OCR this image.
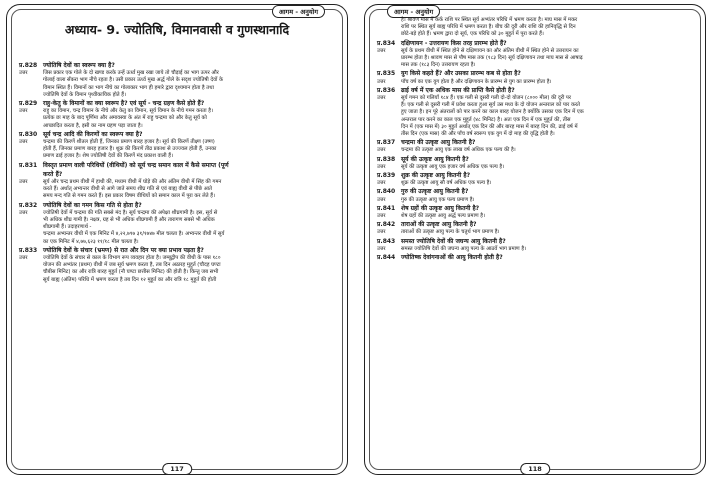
आगम - अनुयोग
अध्याय- 9. ज्योतिषि, विमानवासी व गुणस्थानादि
प्र.828 ज्योतिषि देवों का स्वरूप क्या है?
उत्तर	जिस प्रकार एक गोले के दो खण्ड करके उन्हें ऊर्ध्व मुख रखा जाये तो चौड़ाई का भाग ऊपर और
गोलाई वाला सँकरा भाग नीचे रहता है। उसी प्रकार ऊर्ध्व मुख अर्द्ध गोले के सदृश ज्योतिषी देवों के
विमान स्थित हैं। विमानों का भाग नीचे का गोलाकार भाग ही हमारे द्वारा दृश्यमान होता है तथा
ज्योतिषि देवों के विमान पृथ्वीकायिक होते हैं।
प्र.829 राहु-केतु के विमानों का क्या स्वरूप है? एवं सूर्य - चन्द्र ग्रहण कैसे होते हैं?
उत्तर	राहु का विमान, चन्द्र विमान के नीचे और केतु का विमान, सूर्य विमान के नीचे गमन करता है।
प्रत्येक छः माह के बाद पूर्णिमा और अमावस्या के अंत में राहु चन्द्रमा को और केतु सूर्य को
आच्छादित करता है, इसी का नाम ग्रहण पड़ा जाता है।
प्र.830 सूर्य चन्द्र आदि की किरणों का स्वरूप क्या है?
उत्तर	चन्द्रमा की किरणें शीतल होती हैं, जिनका प्रमाण बारह हजार है। सूर्य की किरणें तीक्ष्ण (उष्ण)
होती हैं, जिनका प्रमाण बारह हजार है। शुक्र की किरणें तीव्र प्रकाश से उज्ज्वल होती हैं, उनका
प्रमाण ढाई हजार है। शेष ज्योतिषी देवों की किरणें मंद प्रकाश वाली हैं।
प्र.831 विस्तृत प्रमाण वाली परिधियों (वीथियों) को सूर्य चन्द्र समान काल में कैसे समाप्त (पूर्ण
करते हैं?
उत्तर	सूर्य और चन्द्र प्रथम वीथी में हाथी की, मध्यम वीथी में घोड़े की और अंतिम वीथी में सिंह की गमन
करते हैं। अर्थात् अभ्यन्तर वीथी से आगे जाते समय शीघ्र गति से एवं बाह्य वीथी से पीछे आते
समय मन्द गति से गमन करते हैं। इस प्रकार विषम वीथियों को समान काल में पूरा कर लेते हैं।
प्र.832 ज्योतिषि देवों का गमन किस गति से होता है?
उत्तर	ज्योतिषी देवों में चन्द्रमा की गति सबसे मंद है। सूर्य चन्द्रमा की अपेक्षा शीघ्रगामी है। इस, सूर्य से
भी अधिक शीघ्र गामी है। नक्षत्र, ग्रह से भी अधिक शीघ्रगामी हैं और तारागण सबसे भी अधिक
शीघ्रगामी हैं। उदाहरणार्थ -
चन्द्रमा अभ्यन्तर वीथी में एक मिनिट में ४,२२,७९७ ३१/१७४७ मील चलता है। अभ्यन्तर वीथी में सूर्य
का एक मिनिट में ४,७७,६२३ ११/१८ मील चलता है।
प्र.833 ज्योतिषि देवों के संचार (भ्रमण) से रात और दिन पर क्या प्रभाव पड़ता है?
उत्तर	ज्योतिषि देवों के संचार से काल के विभाग रूप व्यवहार होता है। जम्बूद्वीप की वीथी के पास १८०
योजन की अभ्यंतर (प्रथम) वीथी में जब सूर्य भ्रमण करता है, तब दिन अठारह मुहूर्त (चौदह घण्टा
चौबीस मिनिट) का और रात्रि बारह मुहूर्त (नौ घण्टा छत्तीस मिनिट) की होती है। किन्तु जब सभी
सूर्य बाह्य (अंतिम) परिधि में भ्रमण करता है तब दिन १२ मुहूर्त का और रात्रि १८ मुहूर्त की होती
117
आगम - अनुयोग
है। श्रावण मास में कर्क राशि पर स्थित सूर्य अभ्यंतर परिधि में भ्रमण करता है। माघ मास में मकर
राशि पर स्थित सूर्य बाह्य परिधि में भ्रमण करता है। बीच की दूरी और राशि की हानिवृद्धि से दिन
छोटे-बड़े होते हैं। भ्रमण द्वारा दो सूर्य, एक परिधि को ३० मुहूर्त में पूरा करते हैं।
प्र.834 दक्षिणायन - उत्तरायण किस तरह प्रारम्भ होते हैं?
उत्तर	सूर्य के प्रथम वीथी में स्थित होने से दक्षिणायन का और अंतिम वीथी में स्थित होने से उत्तरायन का
प्रारम्भ होता है। श्रावण मास से पौष मास तक (१८३ दिन) सूर्य दक्षिणायन तथा माघ मास से आषाढ़
मास तक (१८३ दिन) उत्तरायण रहता है।
प्र.835 युग किसे कहते हैं? और उसका प्रारम्भ कब से होता है?
उत्तर	पाँच वर्ष का एक युग होता है और दक्षिणायन के प्रारम्भ से युग का प्रारम्भ होता है।
प्र.836 ढाई वर्ष में एक अधिक मास की प्राप्ति कैसे होती है?
उत्तर	सूर्य गमन को गलियाँ १८४ हैं। एक गली से दूसरी गली दो-दो योजन (८००० मील) की दूरी पर
हैं। एक गली से दूसरी गली में प्रवेश करता हुआ सूर्य उस मध्य के दो योजन अन्तराल को पार करते
हुए जाता है। इन पूरे अंतरालों को पार करने का काल बारह योजन है क्योंकि उसका एक दिन में एक
अन्तराल पार करने का काल एक मुहूर्त (४८ मिनिट) है। अतः एक दिन में एक मुहूर्त की, तीस
दिन में (एक मास में) ३० मुहूर्त अर्थात् एक दिन की और बारह मास में बारह दिन की, ढाई वर्ष में
तीस दिन (एक मास) की और पाँच वर्ष स्वरूप एक युग में दो माह की वृद्धि होती है।
प्र.837 चन्द्रमा की उत्कृष्ट आयु कितनी है?
उत्तर	चन्द्रमा की उत्कृष्ट आयु एक लाख वर्ष अधिक एक पल्य की है।
प्र.838 सूर्य की उत्कृष्ट आयु कितनी है?
उत्तर	सूर्य की उत्कृष्ट आयु एक हजार वर्ष अधिक एक पल्य है।
प्र.839 शुक्र की उत्कृष्ट आयु कितनी है?
उत्तर	शुक्र की उत्कृष्ट आयु सौ वर्ष अधिक एक पल्य है।
प्र.840 गुरु की उत्कृष्ट आयु कितनी है?
उत्तर	गुरु की उत्कृष्ट आयु एक पल्य प्रमाण है।
प्र.841 शेष ग्रहों की उत्कृष्ट आयु कितनी है?
उत्तर	शेष ग्रहों की उत्कृष्ट आयु अर्द्ध पल्य प्रमाण है।
प्र.842 ताराओं की उत्कृष्ट आयु कितनी है?
उत्तर	ताराओं की उत्कृष्ट आयु पल्य के चतुर्थ भाग प्रमाण है।
प्र.843 समस्त ज्योतिषि देवों की जघन्य आयु कितनी है?
उत्तर	समस्त ज्योतिषि देवों की जघन्य आयु पल्य के आठवें भाग प्रमाण है।
प्र.844 ज्योतिष्क देवांगनाओं की आयु कितनी होती है?
118
